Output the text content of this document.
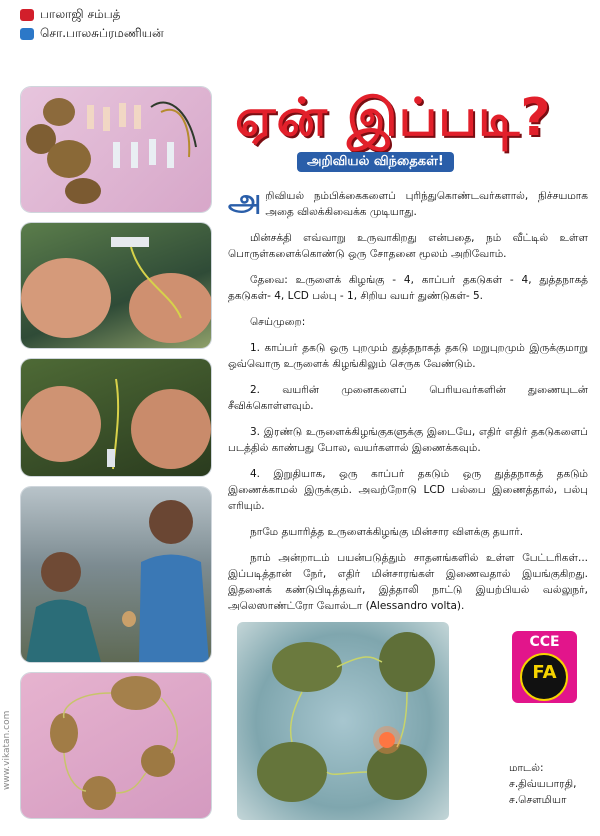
பாலாஜி சம்பத்
சொ.பாலசுப்ரமணியன்
ஏன் இப்படி?
அறிவியல் விந்தைகள்!

அறிவியல் நம்பிக்கைகளைப் புரிந்துகொண்டவர்களால், நிச்சயமாக அதை விலக்கிவைக்க முடியாது.

மின்சக்தி எவ்வாறு உருவாகிறது என்பதை, நம் வீட்டில் உள்ள பொருள்களைக்கொண்டு ஒரு சோதனை மூலம் அறிவோம்.

தேவை: உருளைக் கிழங்கு - 4, காப்பர் தகடுகள் - 4, துத்தநாகத் தகடுகள்- 4, LCD பல்பு - 1, சிறிய வயர் துண்டுகள்- 5.

செய்முறை:

1. காப்பர் தகடு ஒரு புறமும் துத்தநாகத் தகடு மறுபுறமும் இருக்குமாறு ஒவ்வொரு உருளைக் கிழங்கிலும் செருக வேண்டும்.

2. வயரின் முனைகளைப் பெரியவர்களின் துணையுடன் சீவிக்கொள்ளவும்.

3. இரண்டு உருளைக்கிழங்குகளுக்கு இடையே, எதிர் எதிர் தகடுகளைப் படத்தில் காண்பது போல, வயர்களால் இணைக்கவும்.

4. இறுதியாக, ஒரு காப்பர் தகடும் ஒரு துத்தநாகத் தகடும் இணைக்காமல் இருக்கும். அவற்றோடு LCD பல்பை இணைத்தால், பல்பு எரியும்.

நாமே தயாரித்த உருளைக்கிழங்கு மின்சார விளக்கு தயார்.

நாம் அன்றாடம் பயன்படுத்தும் சாதனங்களில் உள்ள பேட்டரிகள்... இப்படித்தான் நேர், எதிர் மின்சாரங்கள் இணைவதால் இயங்குகிறது. இதனைக் கண்டுபிடித்தவர், இத்தாலி நாட்டு இயற்பியல் வல்லுநர், அலெஸாண்ட்ரோ வோல்டா (Alessandro volta).

CCE
FA
மாடல்:
ச.திவ்யபாரதி,
ச.செளமியா
www.vikatan.com
